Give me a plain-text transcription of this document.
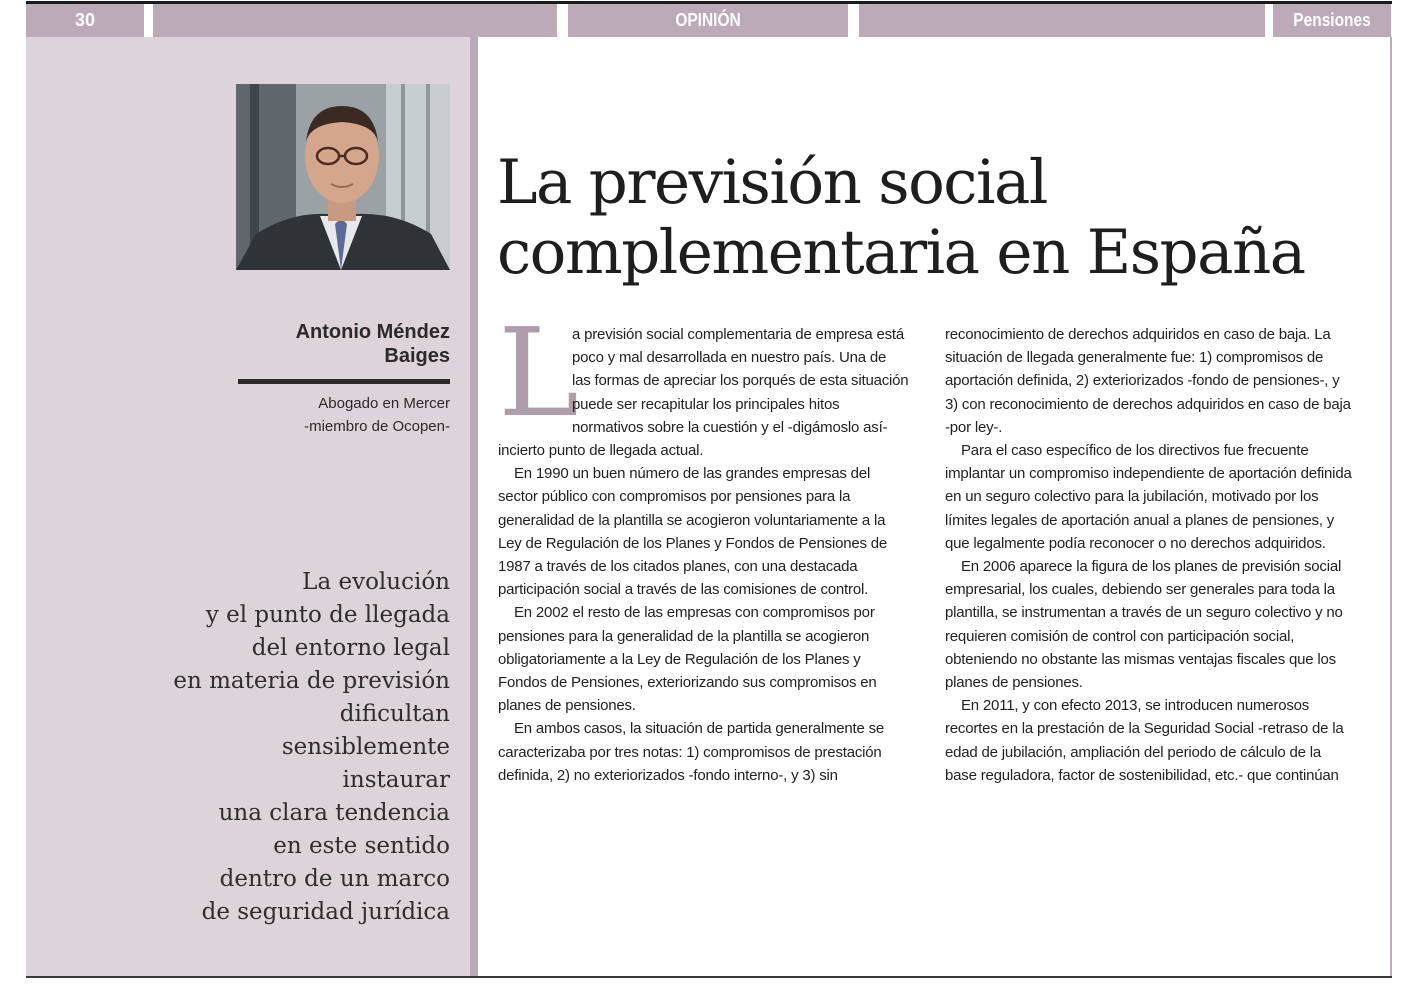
30	OPINIÓN	Pensiones
Antonio Méndez
Baiges
Abogado en Mercer
-miembro de Ocopen-
La evolución
y el punto de llegada
del entorno legal
en materia de previsión
dificultan
sensiblemente
instaurar
una clara tendencia
en este sentido
dentro de un marco
de seguridad jurídica
La previsión social
complementaria en España

L
a previsión social complementaria de empresa está
poco y mal desarrollada en nuestro país. Una de
las formas de apreciar los porqués de esta situación
puede ser recapitular los principales hitos
normativos sobre la cuestión y el -digámoslo así-
incierto punto de llegada actual.

En 1990 un buen número de las grandes empresas del
sector público con compromisos por pensiones para la
generalidad de la plantilla se acogieron voluntariamente a la
Ley de Regulación de los Planes y Fondos de Pensiones de
1987 a través de los citados planes, con una destacada
participación social a través de las comisiones de control.

En 2002 el resto de las empresas con compromisos por
pensiones para la generalidad de la plantilla se acogieron
obligatoriamente a la Ley de Regulación de los Planes y
Fondos de Pensiones, exteriorizando sus compromisos en
planes de pensiones.

En ambos casos, la situación de partida generalmente se
caracterizaba por tres notas: 1) compromisos de prestación
definida, 2) no exteriorizados -fondo interno-, y 3) sin

reconocimiento de derechos adquiridos en caso de baja. La
situación de llegada generalmente fue: 1) compromisos de
aportación definida, 2) exteriorizados -fondo de pensiones-, y
3) con reconocimiento de derechos adquiridos en caso de baja
-por ley-.

Para el caso específico de los directivos fue frecuente
implantar un compromiso independiente de aportación definida
en un seguro colectivo para la jubilación, motivado por los
límites legales de aportación anual a planes de pensiones, y
que legalmente podía reconocer o no derechos adquiridos.

En 2006 aparece la figura de los planes de previsión social
empresarial, los cuales, debiendo ser generales para toda la
plantilla, se instrumentan a través de un seguro colectivo y no
requieren comisión de control con participación social,
obteniendo no obstante las mismas ventajas fiscales que los
planes de pensiones.

En 2011, y con efecto 2013, se introducen numerosos
recortes en la prestación de la Seguridad Social -retraso de la
edad de jubilación, ampliación del periodo de cálculo de la
base reguladora, factor de sostenibilidad, etc.- que continúan
